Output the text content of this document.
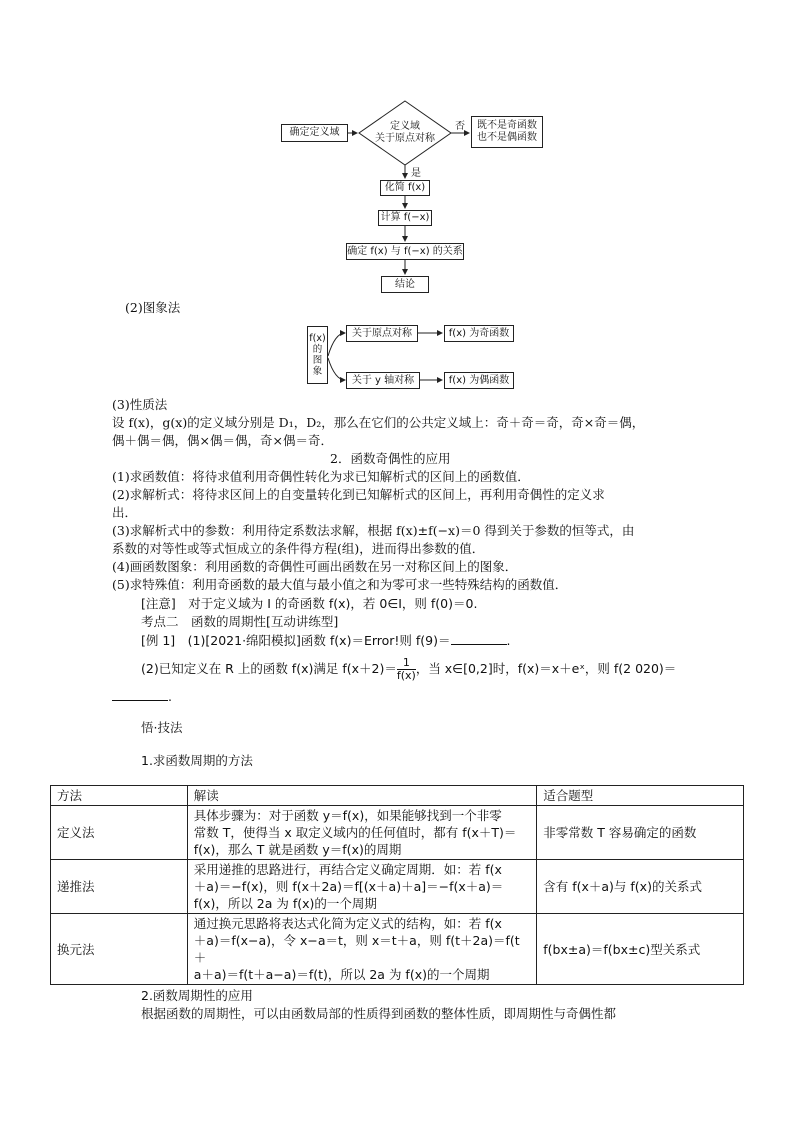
确定定义域
定义域
关于原点对称
否 既不是奇函数
也不是偶函数
是
化简 f(x)
计算 f(−x)
确定 f(x) 与 f(−x) 的关系
结论
(2)图象法
f(x)
的
图
象
关于原点对称	f(x) 为奇函数
关于 y 轴对称	f(x) 为偶函数
(3)性质法
设 f(x)，g(x)的定义域分别是 D₁，D₂，那么在它们的公共定义域上：奇＋奇＝奇，奇×奇＝偶，
偶＋偶＝偶，偶×偶＝偶，奇×偶＝奇．
2．函数奇偶性的应用
(1)求函数值：将待求值利用奇偶性转化为求已知解析式的区间上的函数值．
(2)求解析式：将待求区间上的自变量转化到已知解析式的区间上，再利用奇偶性的定义求
出．
(3)求解析式中的参数：利用待定系数法求解，根据 f(x)±f(−x)＝0 得到关于参数的恒等式，由
系数的对等性或等式恒成立的条件得方程(组)，进而得出参数的值．
(4)画函数图象：利用函数的奇偶性可画出函数在另一对称区间上的图象．
(5)求特殊值：利用奇函数的最大值与最小值之和为零可求一些特殊结构的函数值．
[注意]　对于定义域为 I 的奇函数 f(x)，若 0∈I，则 f(0)＝0.
考点二　函数的周期性[互动讲练型]
[例 1]　(1)[2021·绵阳模拟]函数 f(x)＝Error!则 f(9)＝	.
(2)已知定义在 R 上的函数 f(x)满足 $f(x+2)= \frac{1}{f(x)}$ ，当 x∈[0,2]时，f(x)＝x＋eˣ，则 f(2 020)＝
.
悟·技法
1.求函数周期的方法
方法	解读	适合题型
定义法	具体步骤为：对于函数 y＝f(x)，如果能够找到一个非零
常数 T，使得当 x 取定义域内的任何值时，都有 f(x＋T)＝
f(x)，那么 T 就是函数 y＝f(x)的周期	非零常数 T 容易确定的函数
递推法	采用递推的思路进行，再结合定义确定周期．如：若 f(x
＋a)＝−f(x)，则 f(x＋2a)＝f[(x＋a)＋a]＝−f(x＋a)＝
f(x)，所以 2a 为 f(x)的一个周期	含有 f(x＋a)与 f(x)的关系式
换元法	通过换元思路将表达式化简为定义式的结构，如：若 f(x
＋a)＝f(x−a)，令 x−a＝t，则 x＝t＋a，则 f(t＋2a)＝f(t＋
a＋a)＝f(t＋a−a)＝f(t)，所以 2a 为 f(x)的一个周期	f(bx±a)＝f(bx±c)型关系式
2.函数周期性的应用
根据函数的周期性，可以由函数局部的性质得到函数的整体性质，即周期性与奇偶性都
